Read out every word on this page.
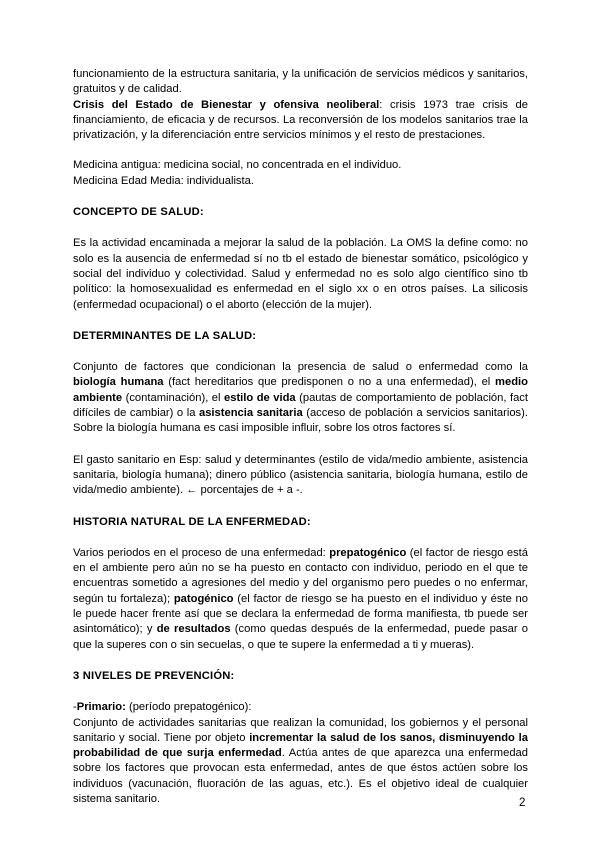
funcionamiento de la estructura sanitaria, y la unificación de servicios médicos y sanitarios, gratuitos y de calidad.
Crisis del Estado de Bienestar y ofensiva neoliberal: crisis 1973 trae crisis de financiamiento, de eficacia y de recursos. La reconversión de los modelos sanitarios trae la privatización, y la diferenciación entre servicios mínimos y el resto de prestaciones.

Medicina antigua: medicina social, no concentrada en el individuo.
Medicina Edad Media: individualista.

CONCEPTO DE SALUD:

Es la actividad encaminada a mejorar la salud de la población. La OMS la define como: no solo es la ausencia de enfermedad sí no tb el estado de bienestar somático, psicológico y social del individuo y colectividad. Salud y enfermedad no es solo algo científico sino tb político: la homosexualidad es enfermedad en el siglo xx o en otros países. La silicosis (enfermedad ocupacional) o el aborto (elección de la mujer).

DETERMINANTES DE LA SALUD:

Conjunto de factores que condicionan la presencia de salud o enfermedad como la biología humana (fact hereditarios que predisponen o no a una enfermedad), el medio ambiente (contaminación), el estilo de vida (pautas de comportamiento de población, fact difíciles de cambiar) o la asistencia sanitaria (acceso de población a servicios sanitarios). Sobre la biología humana es casi imposible influir, sobre los otros factores sí.

El gasto sanitario en Esp: salud y determinantes (estilo de vida/medio ambiente, asistencia sanitaria, biología humana); dinero público (asistencia sanitaria, biología humana, estilo de vida/medio ambiente). ← porcentajes de + a -.

HISTORIA NATURAL DE LA ENFERMEDAD:

Varios periodos en el proceso de una enfermedad: prepatogénico (el factor de riesgo está en el ambiente pero aún no se ha puesto en contacto con individuo, periodo en el que te encuentras sometido a agresiones del medio y del organismo pero puedes o no enfermar, según tu fortaleza); patogénico (el factor de riesgo se ha puesto en el individuo y éste no le puede hacer frente así que se declara la enfermedad de forma manifiesta, tb puede ser asintomático); y de resultados (como quedas después de la enfermedad, puede pasar o que la superes con o sin secuelas, o que te supere la enfermedad a ti y mueras).

3 NIVELES DE PREVENCIÓN:

-Primario: (período prepatogénico):

Conjunto de actividades sanitarias que realizan la comunidad, los gobiernos y el personal sanitario y social. Tiene por objeto incrementar la salud de los sanos, disminuyendo la probabilidad de que surja enfermedad. Actúa antes de que aparezca una enfermedad sobre los factores que provocan esta enfermedad, antes de que éstos actúen sobre los individuos (vacunación, fluoración de las aguas, etc.). Es el objetivo ideal de cualquier sistema sanitario.	2
